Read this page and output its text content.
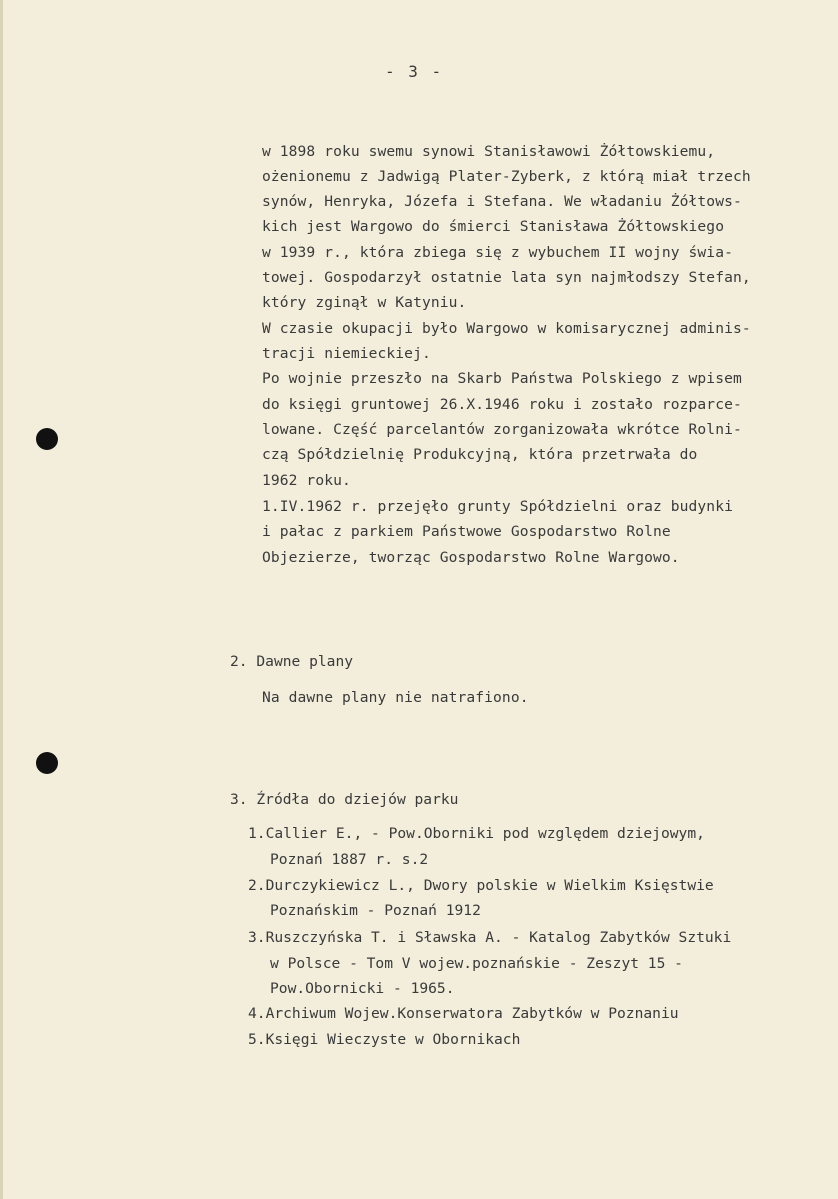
- 3 -
w 1898 roku swemu synowi Stanisławowi Żółtowskiemu,
ożenionemu z Jadwigą Plater-Zyberk, z którą miał trzech
synów, Henryka, Józefa i Stefana. We władaniu Żółtows-
kich jest Wargowo do śmierci Stanisława Żółtowskiego
w 1939 r., która zbiega się z wybuchem II wojny świa-
towej. Gospodarzył ostatnie lata syn najmłodszy Stefan,
który zginął w Katyniu.
W czasie okupacji było Wargowo w komisarycznej adminis-
tracji niemieckiej.
Po wojnie przeszło na Skarb Państwa Polskiego z wpisem
do księgi gruntowej 26.X.1946 roku i zostało rozparce-
lowane. Część parcelantów zorganizowała wkrótce Rolni-
czą Spółdzielnię Produkcyjną, która przetrwała do
1962 roku.
1.IV.1962 r. przejęło grunty Spółdzielni oraz budynki
i pałac z parkiem Państwowe Gospodarstwo Rolne
Objezierze, tworząc Gospodarstwo Rolne Wargowo.
2. Dawne plany
Na dawne plany nie natrafiono.
3. Źródła do dziejów parku
1.Callier E., - Pow.Oborniki pod względem dziejowym,
Poznań 1887 r. s.2
2.Durczykiewicz L., Dwory polskie w Wielkim Księstwie
Poznańskim - Poznań 1912
3.Ruszczyńska T. i Sławska A. - Katalog Zabytków Sztuki
w Polsce - Tom V wojew.poznańskie - Zeszyt 15 -
Pow.Obornicki - 1965.
4.Archiwum Wojew.Konserwatora Zabytków w Poznaniu
5.Księgi Wieczyste w Obornikach
